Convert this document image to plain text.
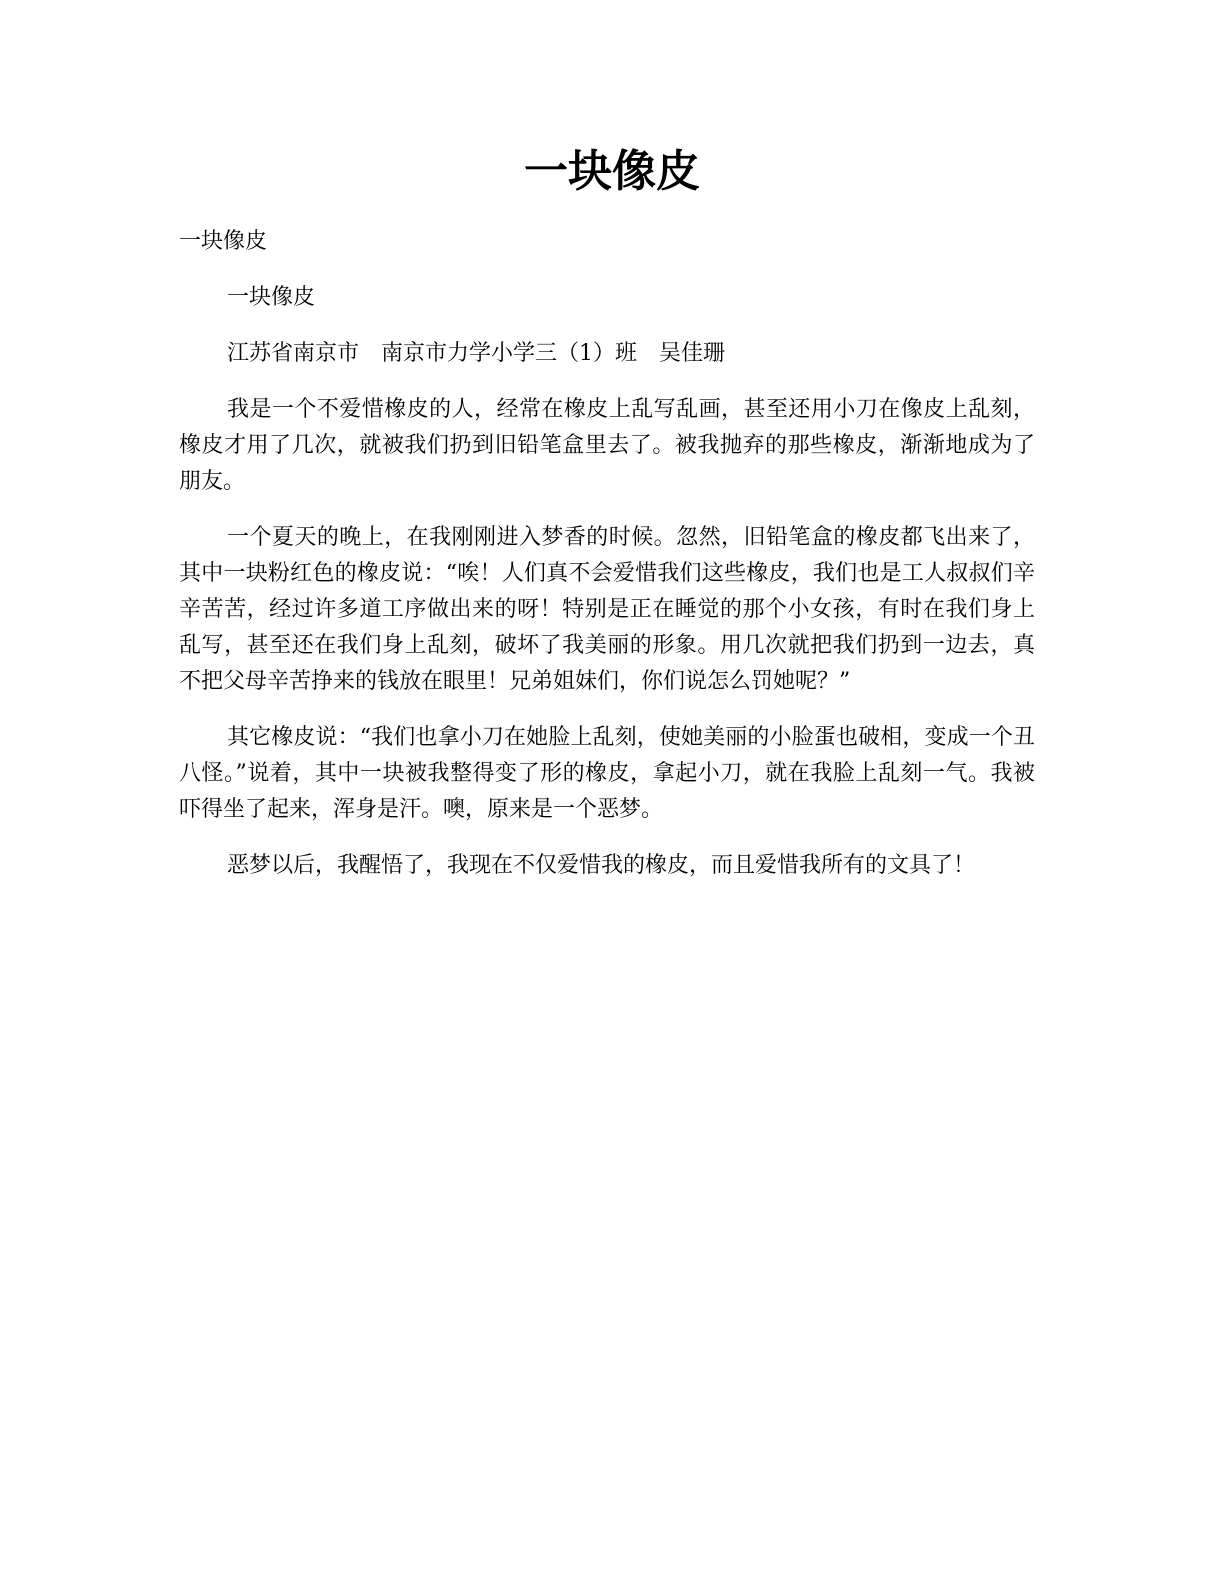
一块像皮

一块像皮

一块像皮

江苏省南京市　南京市力学小学三（1）班　吴佳珊

我是一个不爱惜橡皮的人，经常在橡皮上乱写乱画，甚至还用小刀在像皮上乱刻，橡皮才用了几次，就被我们扔到旧铅笔盒里去了。被我抛弃的那些橡皮，渐渐地成为了朋友。

一个夏天的晚上，在我刚刚进入梦香的时候。忽然，旧铅笔盒的橡皮都飞出来了，其中一块粉红色的橡皮说：“唉！人们真不会爱惜我们这些橡皮，我们也是工人叔叔们辛辛苦苦，经过许多道工序做出来的呀！特别是正在睡觉的那个小女孩，有时在我们身上乱写，甚至还在我们身上乱刻，破坏了我美丽的形象。用几次就把我们扔到一边去，真不把父母辛苦挣来的钱放在眼里！兄弟姐妹们，你们说怎么罚她呢？”

其它橡皮说：“我们也拿小刀在她脸上乱刻，使她美丽的小脸蛋也破相，变成一个丑八怪。”说着，其中一块被我整得变了形的橡皮，拿起小刀，就在我脸上乱刻一气。我被吓得坐了起来，浑身是汗。噢，原来是一个恶梦。

恶梦以后，我醒悟了，我现在不仅爱惜我的橡皮，而且爱惜我所有的文具了！
